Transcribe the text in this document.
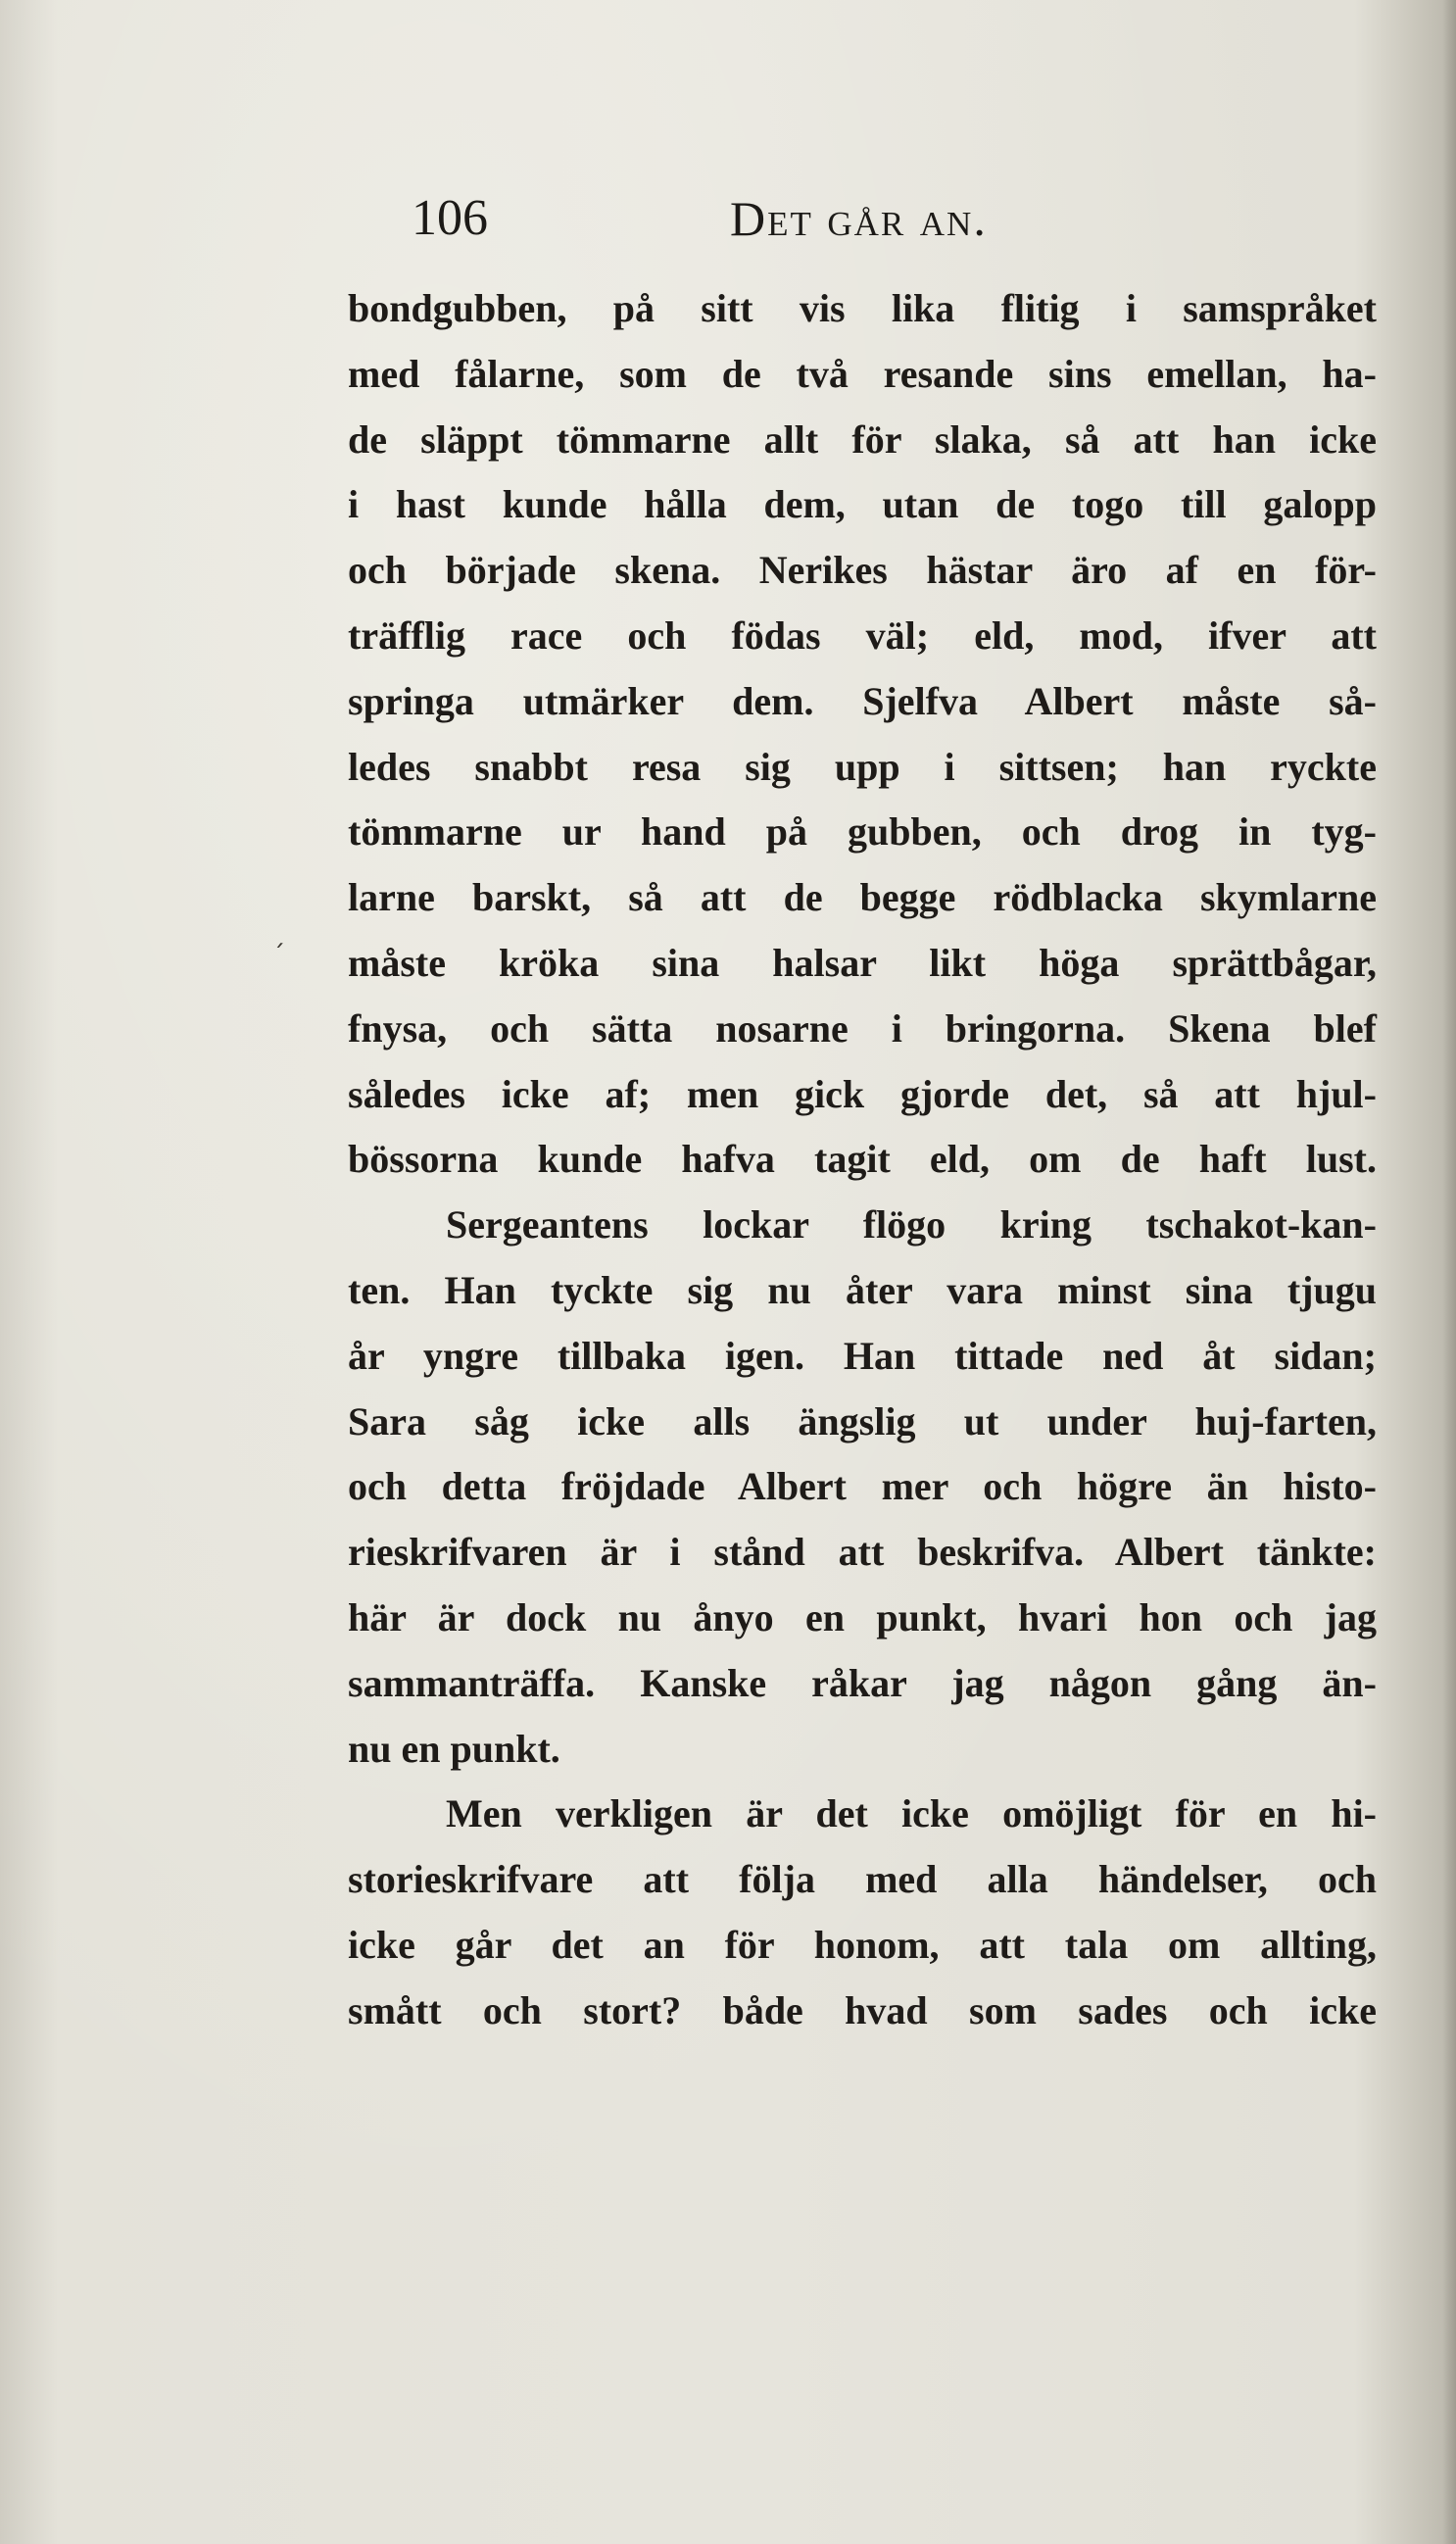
106	Det går an.
bondgubben, på sitt vis lika flitig i samspråket
med fålarne, som de två resande sins emellan, ha-
de släppt tömmarne allt för slaka, så att han icke
i hast kunde hålla dem, utan de togo till galopp
och började skena. Nerikes hästar äro af en för-
träfflig race och födas väl; eld, mod, ifver att
springa utmärker dem. Sjelfva Albert måste så-
ledes snabbt resa sig upp i sittsen; han ryckte
tömmarne ur hand på gubben, och drog in tyg-
larne barskt, så att de begge rödblacka skymlarne
måste kröka sina halsar likt höga sprättbågar,
fnysa, och sätta nosarne i bringorna. Skena blef
således icke af; men gick gjorde det, så att hjul-
bössorna kunde hafva tagit eld, om de haft lust.
Sergeantens lockar flögo kring tschakot-kan-
ten. Han tyckte sig nu åter vara minst sina tjugu
år yngre tillbaka igen. Han tittade ned åt sidan;
Sara såg icke alls ängslig ut under huj-farten,
och detta fröjdade Albert mer och högre än histo-
rieskrifvaren är i stånd att beskrifva. Albert tänkte:
här är dock nu ånyo en punkt, hvari hon och jag
sammanträffa. Kanske råkar jag någon gång än-
nu en punkt.
Men verkligen är det icke omöjligt för en hi-
storieskrifvare att följa med alla händelser, och
icke går det an för honom, att tala om allting,
smått och stort? både hvad som sades och icke
´
